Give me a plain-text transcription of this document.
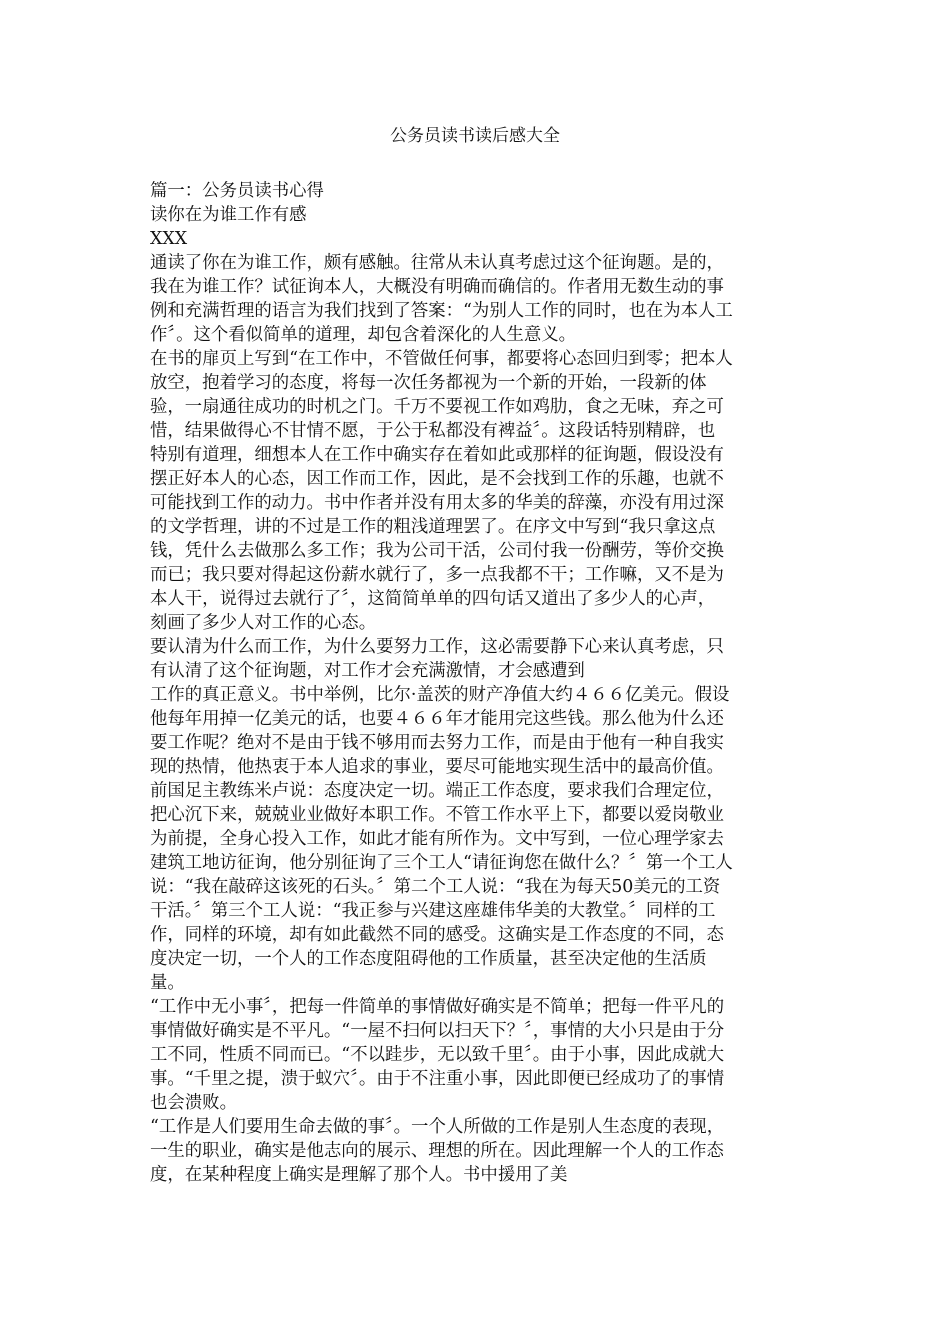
公务员读书读后感大全

篇一：公务员读书心得

读你在为谁工作有感

XXX

通读了你在为谁工作，颇有感触。往常从未认真考虑过这个征询题。是的，

我在为谁工作？试征询本人，大概没有明确而确信的。作者用无数生动的事

例和充满哲理的语言为我们找到了答案：“为别人工作的同时，也在为本人工

作〞。这个看似简单的道理，却包含着深化的人生意义。

在书的扉页上写到“在工作中，不管做任何事，都要将心态回归到零；把本人

放空，抱着学习的态度，将每一次任务都视为一个新的开始，一段新的体

验，一扇通往成功的时机之门。千万不要视工作如鸡肋，食之无味，弃之可

惜，结果做得心不甘情不愿，于公于私都没有裨益〞。这段话特别精辟，也

特别有道理，细想本人在工作中确实存在着如此或那样的征询题，假设没有

摆正好本人的心态，因工作而工作，因此，是不会找到工作的乐趣，也就不

可能找到工作的动力。书中作者并没有用太多的华美的辞藻，亦没有用过深

的文学哲理，讲的不过是工作的粗浅道理罢了。在序文中写到“我只拿这点

钱，凭什么去做那么多工作；我为公司干活，公司付我一份酬劳，等价交换

而已；我只要对得起这份薪水就行了，多一点我都不干；工作嘛，又不是为

本人干，说得过去就行了〞，这简简单单的四句话又道出了多少人的心声，

刻画了多少人对工作的心态。

要认清为什么而工作，为什么要努力工作，这必需要静下心来认真考虑，只

有认清了这个征询题，对工作才会充满激情，才会感遭到

工作的真正意义。书中举例，比尔·盖茨的财产净值大约４６６亿美元。假设

他每年用掉一亿美元的话，也要４６６年才能用完这些钱。那么他为什么还

要工作呢？绝对不是由于钱不够用而去努力工作，而是由于他有一种自我实

现的热情，他热衷于本人追求的事业，要尽可能地实现生活中的最高价值。

前国足主教练米卢说：态度决定一切。端正工作态度，要求我们合理定位，

把心沉下来，兢兢业业做好本职工作。不管工作水平上下，都要以爱岗敬业

为前提，全身心投入工作，如此才能有所作为。文中写到，一位心理学家去

建筑工地访征询，他分别征询了三个工人“请征询您在做什么？〞第一个工人

说：“我在敲碎这该死的石头。〞第二个工人说：“我在为每天50美元的工资

干活。〞第三个工人说：“我正参与兴建这座雄伟华美的大教堂。〞同样的工

作，同样的环境，却有如此截然不同的感受。这确实是工作态度的不同，态

度决定一切，一个人的工作态度阻碍他的工作质量，甚至决定他的生活质

量。

“工作中无小事〞，把每一件简单的事情做好确实是不简单；把每一件平凡的

事情做好确实是不平凡。“一屋不扫何以扫天下？〞，事情的大小只是由于分

工不同，性质不同而已。“不以跬步，无以致千里〞。由于小事，因此成就大

事。“千里之提，溃于蚁穴〞。由于不注重小事，因此即便已经成功了的事情

也会溃败。

“工作是人们要用生命去做的事〞。一个人所做的工作是别人生态度的表现，

一生的职业，确实是他志向的展示、理想的所在。因此理解一个人的工作态

度，在某种程度上确实是理解了那个人。书中援用了美
